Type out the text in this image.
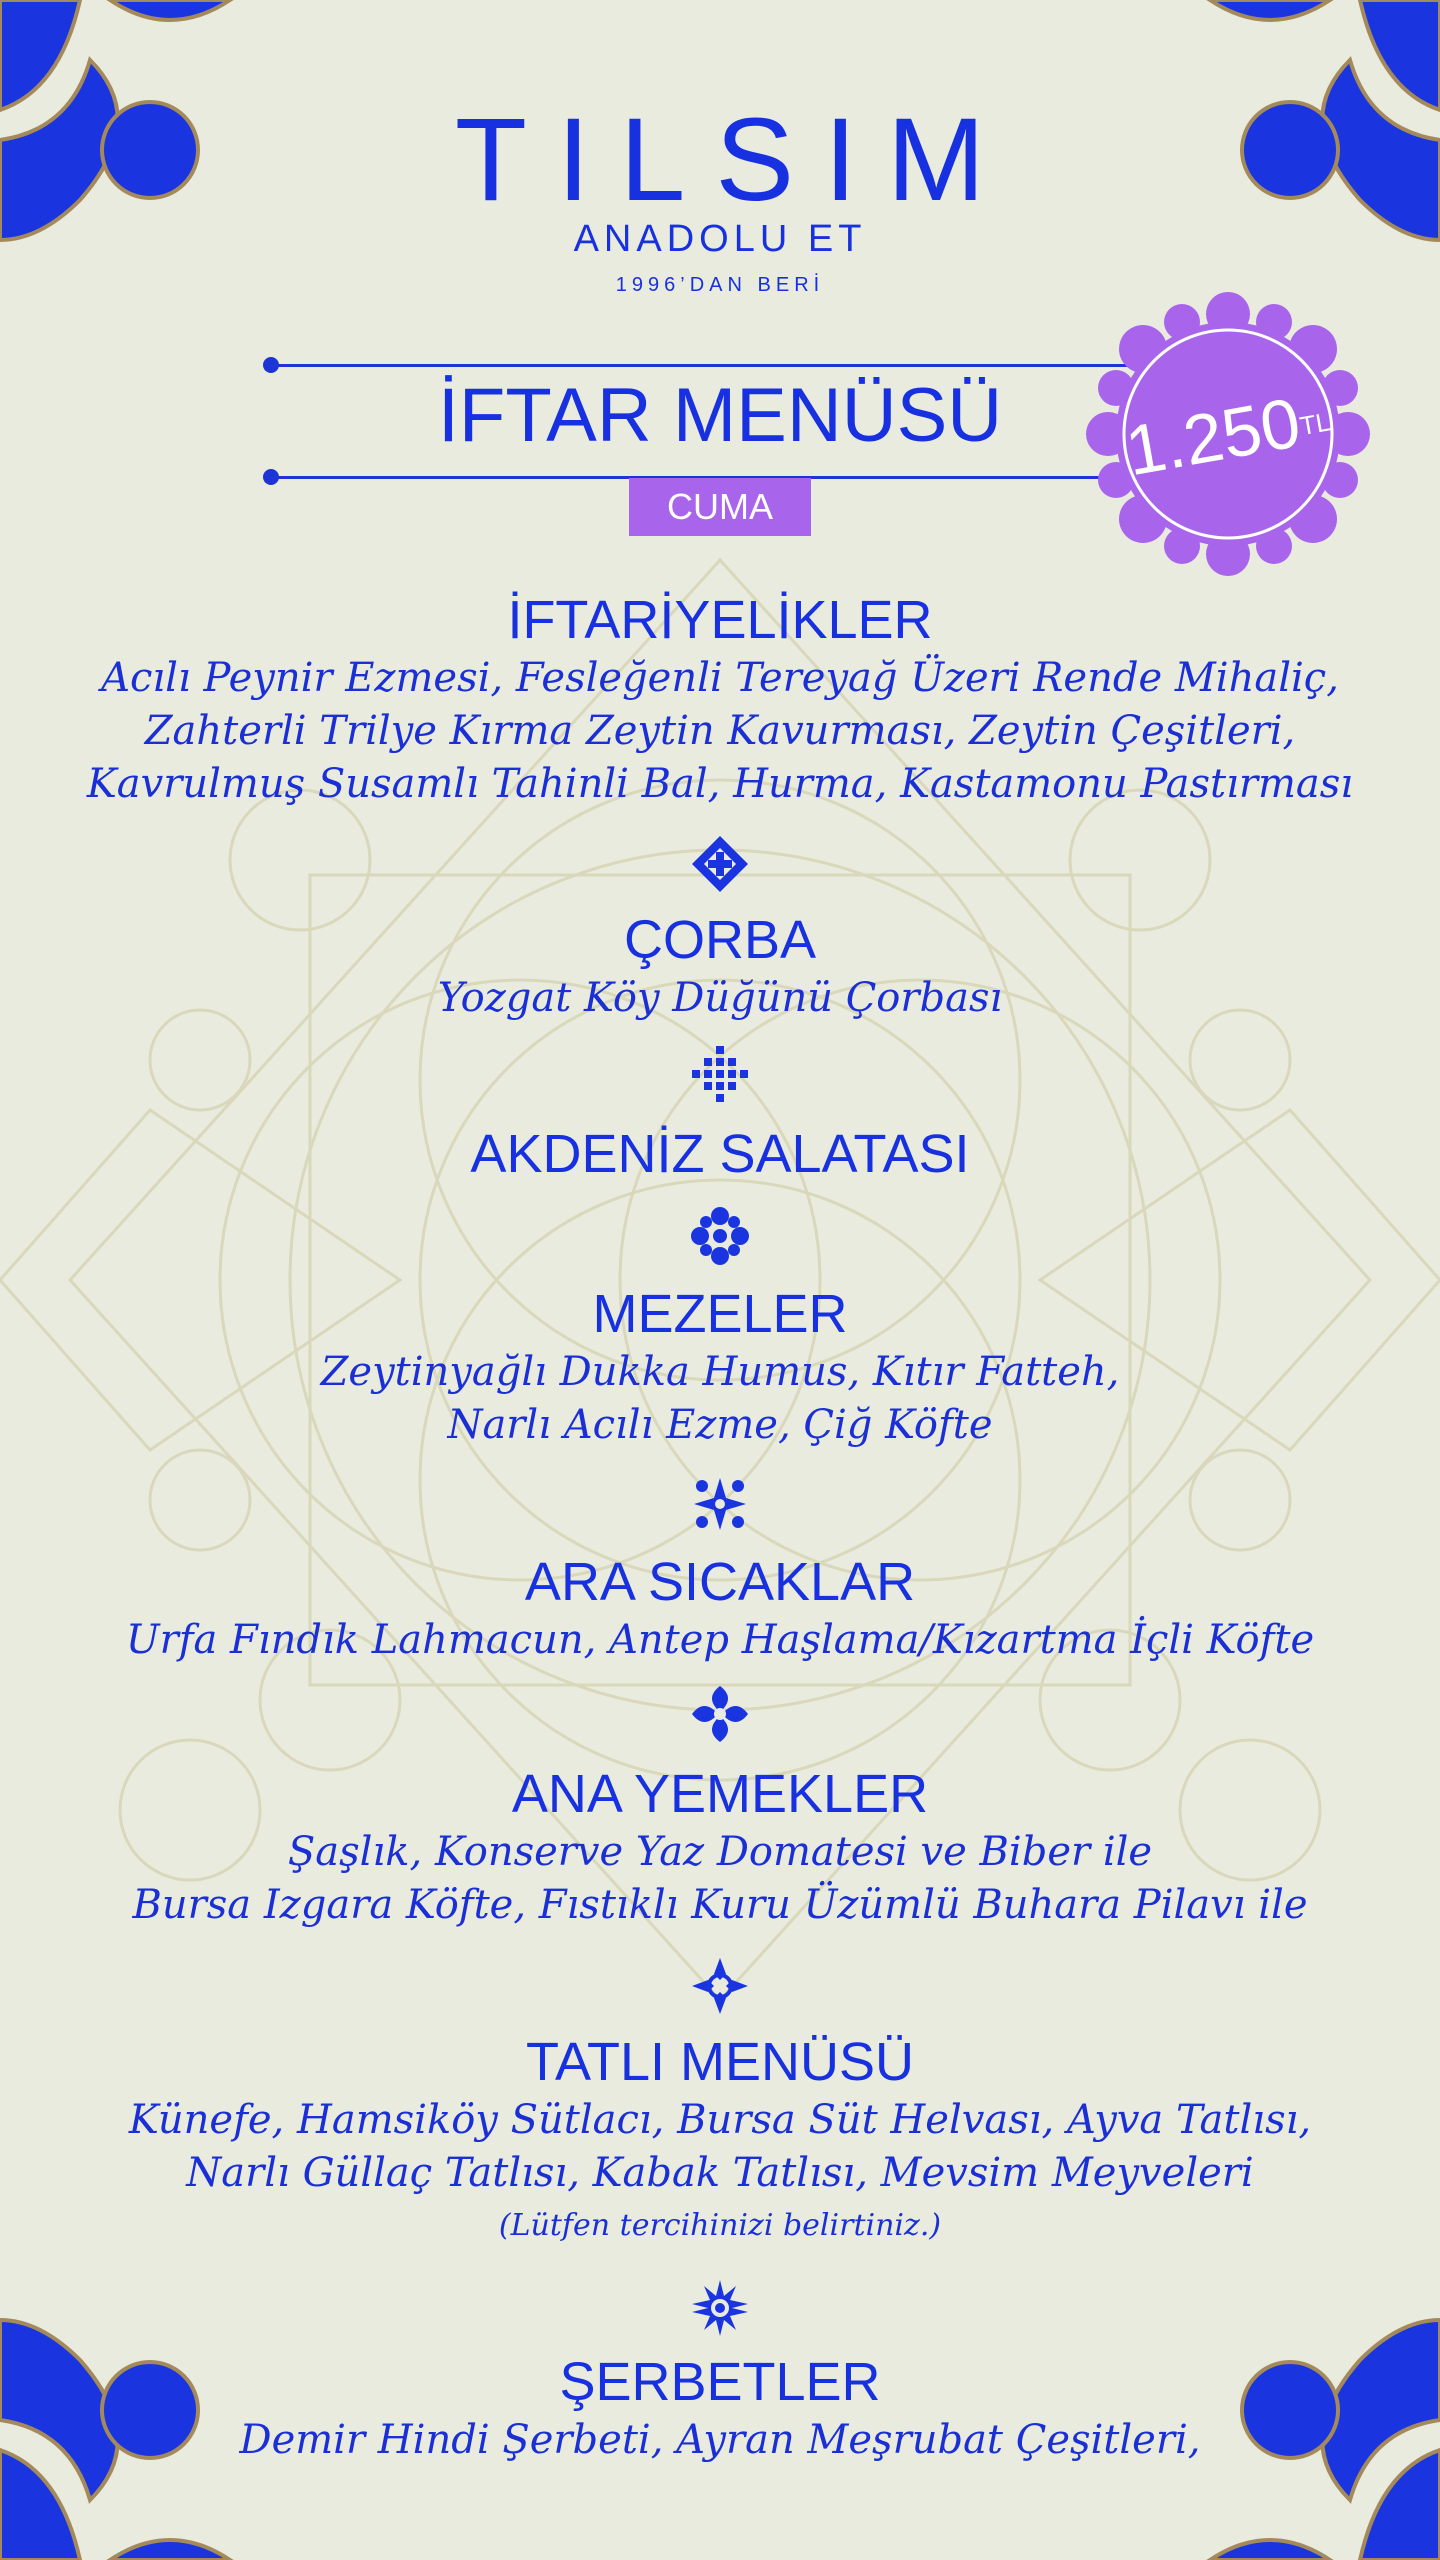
TILSIM
ANADOLU ET
1996’DAN BERİ
İFTAR MENÜSÜ
CUMA
1.250
TL
İFTARİYELİKLER

Acılı Peynir Ezmesi, Fesleğenli Tereyağ Üzeri Rende Mihaliç,

Zahterli Trilye Kırma Zeytin Kavurması, Zeytin Çeşitleri,

Kavrulmuş Susamlı Tahinli Bal, Hurma, Kastamonu Pastırması

ÇORBA

Yozgat Köy Düğünü Çorbası

AKDENİZ SALATASI
MEZELER

Zeytinyağlı Dukka Humus, Kıtır Fatteh,

Narlı Acılı Ezme, Çiğ Köfte

ARA SICAKLAR

Urfa Fındık Lahmacun, Antep Haşlama/Kızartma İçli Köfte

ANA YEMEKLER

Şaşlık, Konserve Yaz Domatesi ve Biber ile

Bursa Izgara Köfte, Fıstıklı Kuru Üzümlü Buhara Pilavı ile

TATLI MENÜSÜ

Künefe, Hamsiköy Sütlacı, Bursa Süt Helvası, Ayva Tatlısı,

Narlı Güllaç Tatlısı, Kabak Tatlısı, Mevsim Meyveleri

(Lütfen tercihinizi belirtiniz.)
ŞERBETLER

Demir Hindi Şerbeti, Ayran Meşrubat Çeşitleri,
